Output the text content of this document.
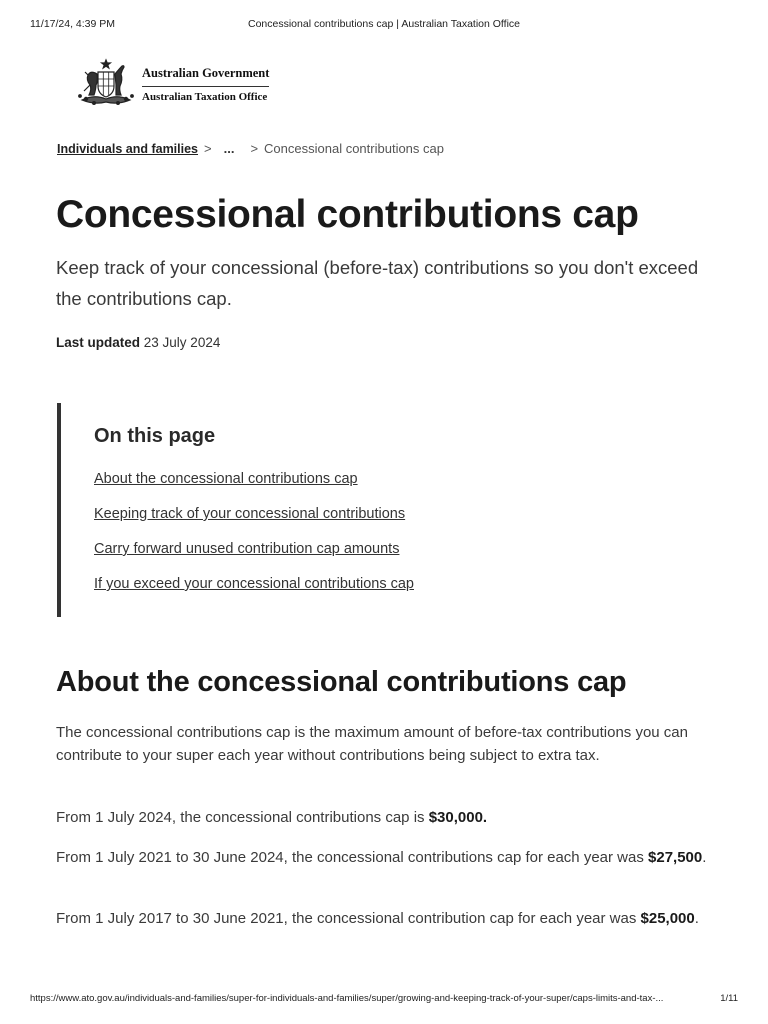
11/17/24, 4:39 PM	Concessional contributions cap | Australian Taxation Office
Australian Government
Australian Taxation Office
Individuals and families > ... > Concessional contributions cap
Concessional contributions cap

Keep track of your concessional (before-tax) contributions so you don't exceed the contributions cap.

Last updated 23 July 2024
On this page
About the concessional contributions cap
Keeping track of your concessional contributions
Carry forward unused contribution cap amounts
If you exceed your concessional contributions cap
About the concessional contributions cap

The concessional contributions cap is the maximum amount of before-tax contributions you can contribute to your super each year without contributions being subject to extra tax.

From 1 July 2024, the concessional contributions cap is $30,000.

From 1 July 2021 to 30 June 2024, the concessional contributions cap for each year was $27,500.

From 1 July 2017 to 30 June 2021, the concessional contribution cap for each year was $25,000.

https://www.ato.gov.au/individuals-and-families/super-for-individuals-and-families/super/growing-and-keeping-track-of-your-super/caps-limits-and-tax-...	1/11
